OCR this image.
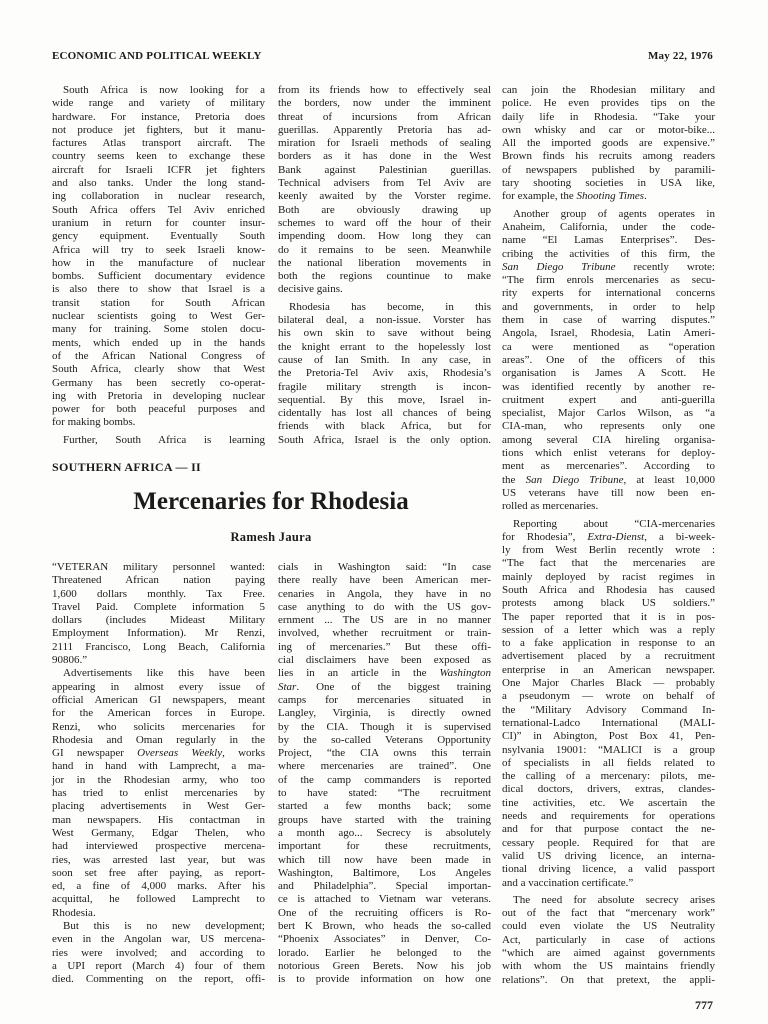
ECONOMIC AND POLITICAL WEEKLY	May 22, 1976
South Africa is now looking for a
wide range and variety of military
hardware. For instance, Pretoria does
not produce jet fighters, but it manu-
factures Atlas transport aircraft. The
country seems keen to exchange these
aircraft for Israeli ICFR jet fighters
and also tanks. Under the long stand-
ing collaboration in nuclear research,
South Africa offers Tel Aviv enriched
uranium in return for counter insur-
gency equipment. Eventually South
Africa will try to seek Israeli know-
how in the manufacture of nuclear
bombs. Sufficient documentary evidence
is also there to show that Israel is a
transit station for South African
nuclear scientists going to West Ger-
many for training. Some stolen docu-
ments, which ended up in the hands
of the African National Congress of
South Africa, clearly show that West
Germany has been secretly co-operat-
ing with Pretoria in developing nuclear
power for both peaceful purposes and
for making bombs.
Further, South Africa is learning
from its friends how to effectively seal
the borders, now under the imminent
threat of incursions from African
guerillas. Apparently Pretoria has ad-
miration for Israeli methods of sealing
borders as it has done in the West
Bank against Palestinian guerillas.
Technical advisers from Tel Aviv are
keenly awaited by the Vorster regime.
Both are obviously drawing up
schemes to ward off the hour of their
impending doom. How long they can
do it remains to be seen. Meanwhile
the national liberation movements in
both the regions countinue to make
decisive gains.
Rhodesia has become, in this
bilateral deal, a non-issue. Vorster has
his own skin to save without being
the knight errant to the hopelessly lost
cause of Ian Smith. In any case, in
the Pretoria-Tel Aviv axis, Rhodesia’s
fragile military strength is incon-
sequential. By this move, Israel in-
cidentally has lost all chances of being
friends with black Africa, but for
South Africa, Israel is the only option.
can join the Rhodesian military and
police. He even provides tips on the
daily life in Rhodesia. “Take your
own whisky and car or motor-bike...
All the imported goods are expensive.”
Brown finds his recruits among readers
of newspapers published by paramili-
tary shooting societies in USA like,
for example, the Shooting Times.
Another group of agents operates in
Anaheim, California, under the code-
name “El Lamas Enterprises”. Des-
cribing the activities of this firm, the
San Diego Tribune recently wrote:
“The firm enrols mercenaries as secu-
rity experts for international concerns
and governments, in order to help
them in case of warring disputes.”
Angola, Israel, Rhodesia, Latin Ameri-
ca were mentioned as “operation
areas”. One of the officers of this
organisation is James A Scott. He
was identified recently by another re-
cruitment expert and anti-guerilla
specialist, Major Carlos Wilson, as “a
CIA-man, who represents only one
among several CIA hireling organisa-
tions which enlist veterans for deploy-
ment as mercenaries”. According to
the San Diego Tribune, at least 10,000
US veterans have till now been en-
rolled as mercenaries.
Reporting about “CIA-mercenaries
for Rhodesia”, Extra-Dienst, a bi-week-
ly from West Berlin recently wrote :
“The fact that the mercenaries are
mainly deployed by racist regimes in
South Africa and Rhodesia has caused
protests among black US soldiers.”
The paper reported that it is in pos-
session of a letter which was a reply
to a fake application in response to an
advertisement placed by a recruitment
enterprise in an American newspaper.
One Major Charles Black — probably
a pseudonym — wrote on behalf of
the “Military Advisory Command In-
ternational-Ladco International (MALI-
CI)” in Abington, Post Box 41, Pen-
nsylvania 19001: “MALICI is a group
of specialists in all fields related to
the calling of a mercenary: pilots, me-
dical doctors, drivers, extras, clandes-
tine activities, etc. We ascertain the
needs and requirements for operations
and for that purpose contact the ne-
cessary people. Required for that are
valid US driving licence, an interna-
tional driving licence, a valid passport
and a vaccination certificate.”
The need for absolute secrecy arises
out of the fact that “mercenary work”
could even violate the US Neutrality
Act, particularly in case of actions
“which are aimed against governments
with whom the US maintains friendly
relations”. On that pretext, the appli-
SOUTHERN AFRICA — II
Mercenaries for Rhodesia
Ramesh Jaura
“VETERAN military personnel wanted:
Threatened African nation paying
1,600 dollars monthly. Tax Free.
Travel Paid. Complete information 5
dollars (includes Mideast Military
Employment Information). Mr Renzi,
2111 Francisco, Long Beach, California
90806.”
Advertisements like this have been
appearing in almost every issue of
official American GI newspapers, meant
for the American forces in Europe.
Renzi, who solicits mercenaries for
Rhodesia and Oman regularly in the
GI newspaper Overseas Weekly, works
hand in hand with Lamprecht, a ma-
jor in the Rhodesian army, who too
has tried to enlist mercenaries by
placing advertisements in West Ger-
man newspapers. His contactman in
West Germany, Edgar Thelen, who
had interviewed prospective mercena-
ries, was arrested last year, but was
soon set free after paying, as report-
ed, a fine of 4,000 marks. After his
acquittal, he followed Lamprecht to
Rhodesia.
But this is no new development;
even in the Angolan war, US mercena-
ries were involved; and according to
a UPI report (March 4) four of them
died. Commenting on the report, offi-
cials in Washington said: “In case
there really have been American mer-
cenaries in Angola, they have in no
case anything to do with the US gov-
ernment ... The US are in no manner
involved, whether recruitment or train-
ing of mercenaries.” But these offi-
cial disclaimers have been exposed as
lies in an article in the Washington
Star. One of the biggest training
camps for mercenaries situated in
Langley, Virginia, is directly owned
by the CIA. Though it is supervised
by the so-called Veterans Opportunity
Project, “the CIA owns this terrain
where mercenaries are trained”. One
of the camp commanders is reported
to have stated: “The recruitment
started a few months back; some
groups have started with the training
a month ago... Secrecy is absolutely
important for these recruitments,
which till now have been made in
Washington, Baltimore, Los Angeles
and Philadelphia”. Special importan-
ce is attached to Vietnam war veterans.
One of the recruiting officers is Ro-
bert K Brown, who heads the so-called
“Phoenix Associates” in Denver, Co-
lorado. Earlier he belonged to the
notorious Green Berets. Now his job
is to provide information on how one
777
